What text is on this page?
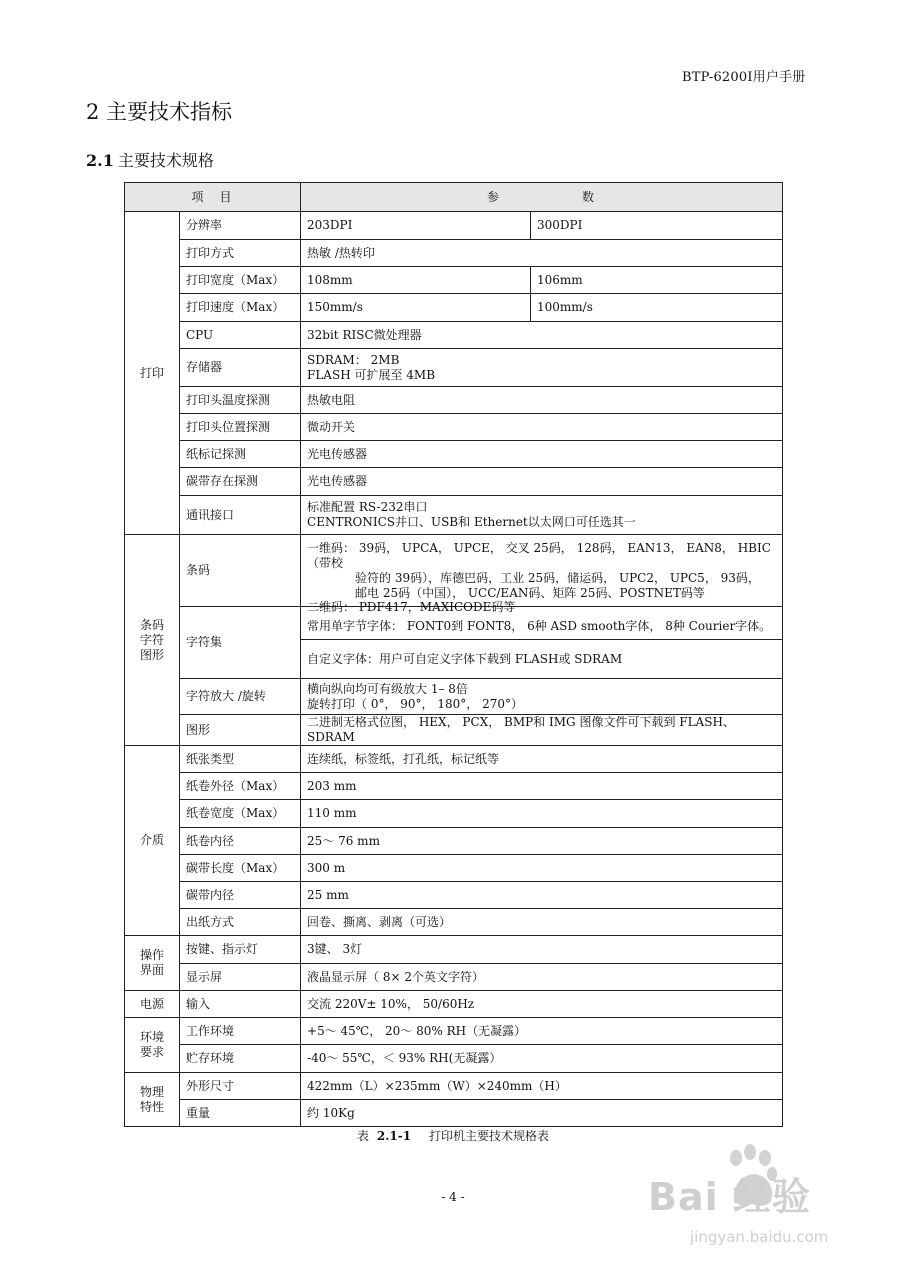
BTP-6200I用户手册
2 主要技术指标
2.1 主要技术规格
项　目		参 数	

打印	分辨率	203DPI	300DPI
	打印方式	热敏 /热转印	
	打印宽度（Max）	108mm	106mm
	打印速度（Max）	150mm/s	100mm/s
	CPU	32bit RISC微处理器	
	存储器	SDRAM： 2MB
FLASH 可扩展至 4MB	

	打印头温度探测	热敏电阻	
	打印头位置探测	微动开关	
	纸标记探测	光电传感器	
	碳带存在探测	光电传感器	
	通讯接口	标准配置 RS-232串口
CENTRONICS并口、USB和 Ethernet以太网口可任选其一	

条码
字符
图形	条码	一维码： 39码， UPCA， UPCE， 交叉 25码， 128码， EAN13， EAN8， HBIC（带校
验符的 39码），库德巴码，工业 25码，储运码， UPC2， UPC5， 93码，
邮电 25码（中国）， UCC/EAN码、矩阵 25码、POSTNET码等	

	字符集	二维码： PDF417，MAXICODE码等
常用单字节字体： FONT0到 FONT8， 6种 ASD smooth字体， 8种 Courier字体。	
		自定义字体：用户可自定义字体下载到 FLASH或 SDRAM	
	字符放大 /旋转	横向纵向均可有级放大 1– 8倍
旋转打印（ 0°， 90°， 180°， 270°）	

	图形	二进制无格式位图， HEX， PCX， BMP和 IMG 图像文件可下载到 FLASH、 SDRAM	
介质	纸张类型	连续纸，标签纸，打孔纸，标记纸等	
	纸卷外径（Max）	203 mm	
	纸卷宽度（Max）	110 mm	
	纸卷内径	25～ 76 mm	
	碳带长度（Max）	300 m	
	碳带内径	25 mm	
	出纸方式	回卷、撕离、剥离（可选）	

操作
界面	按键、指示灯	3键、 3灯	
	显示屏	液晶显示屏（ 8× 2个英文字符）	
电源	输入	交流 220V± 10%， 50/60Hz	

环境
要求	工作环境	+5～ 45℃， 20～ 80% RH（无凝露）	
	贮存环境	-40～ 55℃，＜ 93% RH(无凝露）	

物理
特性	外形尺寸	422mm（L）×235mm（W）×240mm（H）	
	重量	约 10Kg	
表 2.1-1 打印机主要技术规格表
- 4 -	Bai 经验
jingyan.baidu.com
